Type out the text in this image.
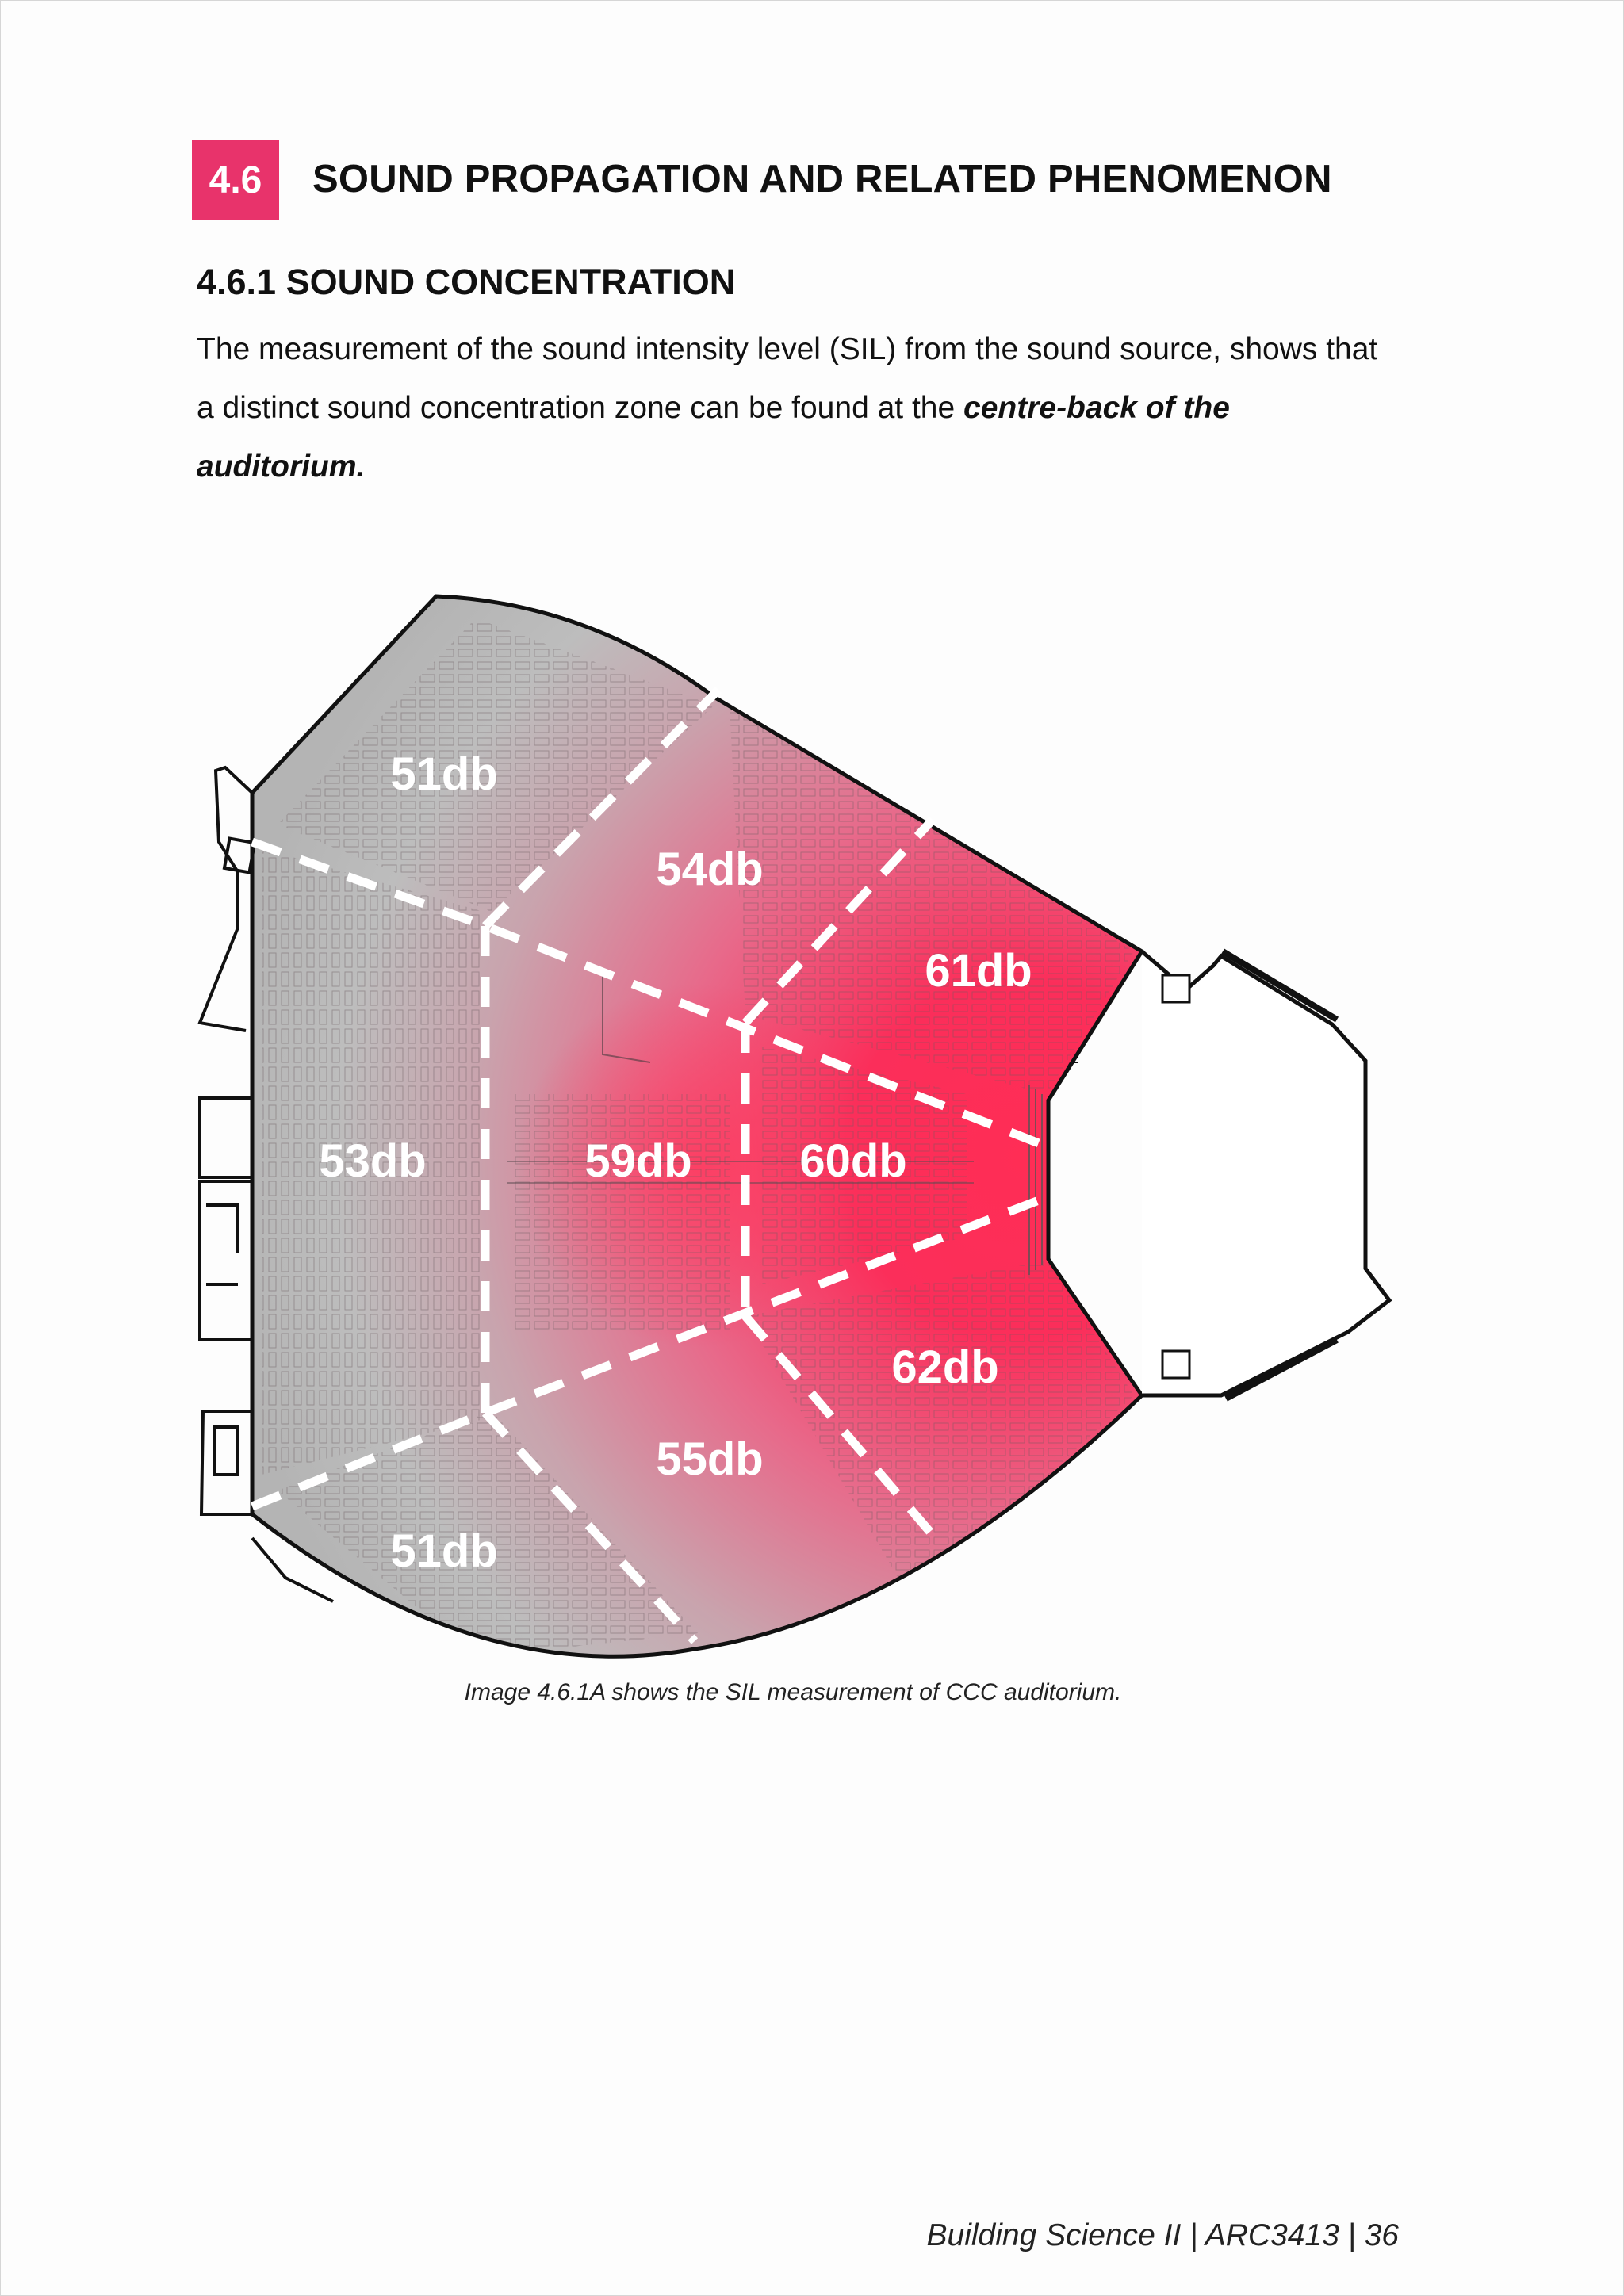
4.6	SOUND PROPAGATION AND RELATED PHENOMENON
4.6.1 SOUND CONCENTRATION
The measurement of the sound intensity level (SIL) from the sound source, shows that a distinct sound concentration zone can be found at the centre-back of the auditorium.
51db
54db
61db
53db	59db 60db
51db
55db
62db
Image 4.6.1A shows the SIL measurement of CCC auditorium.
Building Science II | ARC3413 | 36
